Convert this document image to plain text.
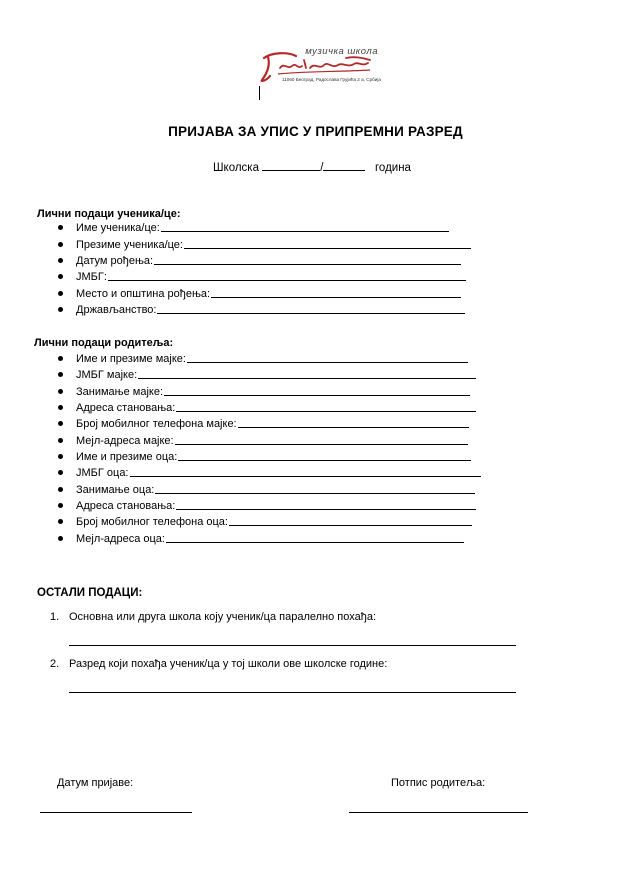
музичка школа
11060 Београд, Радослава Грујића 2 а, Србија
ПРИЈАВА ЗА УПИС У ПРИПРЕМНИ РАЗРЕД
Школска	/	година
Лични подаци ученика/це:
Име ученика/це:
Презиме ученика/це:
Датум рођења:
ЈМБГ:
Место и општина рођења:
Држављанство:
Лични подаци родитеља:
Име и презиме мајке:
ЈМБГ мајке:
Занимање мајке:
Адреса становања:
Број мобилног телефона мајке:
Мејл-адреса мајке:
Име и презиме оца:
ЈМБГ оца:
Занимање оца:
Адреса становања:
Број мобилног телефона оца:
Мејл-адреса оца:
ОСТАЛИ ПОДАЦИ:
1. Основна или друга школа коју ученик/ца паралелно похађа:
2. Разред који похађа ученик/ца у тој школи ове школске године:
Датум пријаве:	Потпис родитеља:
